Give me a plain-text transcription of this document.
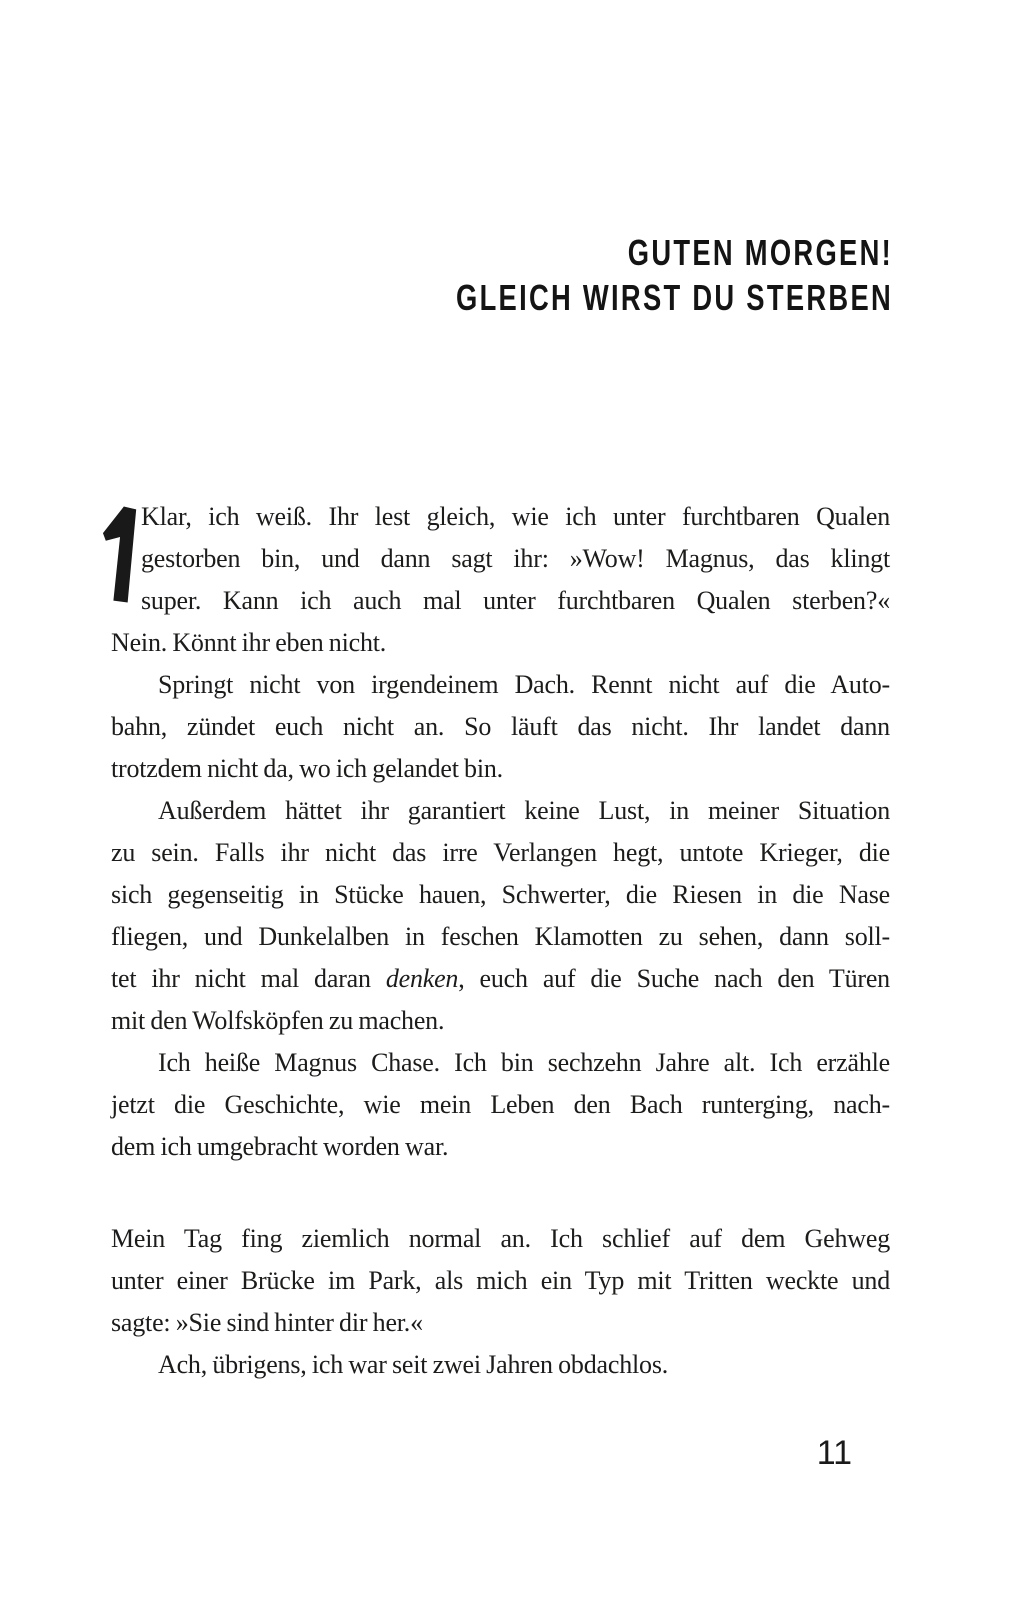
GUTEN MORGEN!
GLEICH WIRST DU STERBEN
Klar, ich weiß. Ihr lest gleich, wie ich unter furchtbaren Qualen
gestorben bin, und dann sagt ihr: »Wow! Magnus, das klingt
super. Kann ich auch mal unter furchtbaren Qualen sterben?«
Nein. Könnt ihr eben nicht.
Springt nicht von irgendeinem Dach. Rennt nicht auf die Auto-
bahn, zündet euch nicht an. So läuft das nicht. Ihr landet dann
trotzdem nicht da, wo ich gelandet bin.
Außerdem hättet ihr garantiert keine Lust, in meiner Situation
zu sein. Falls ihr nicht das irre Verlangen hegt, untote Krieger, die
sich gegenseitig in Stücke hauen, Schwerter, die Riesen in die Nase
fliegen, und Dunkelalben in feschen Klamotten zu sehen, dann soll-
tet ihr nicht mal daran denken, euch auf die Suche nach den Türen
mit den Wolfsköpfen zu machen.
Ich heiße Magnus Chase. Ich bin sechzehn Jahre alt. Ich erzähle
jetzt die Geschichte, wie mein Leben den Bach runterging, nach-
dem ich umgebracht worden war.
Mein Tag fing ziemlich normal an. Ich schlief auf dem Gehweg
unter einer Brücke im Park, als mich ein Typ mit Tritten weckte und
sagte: »Sie sind hinter dir her.«
Ach, übrigens, ich war seit zwei Jahren obdachlos.
11
